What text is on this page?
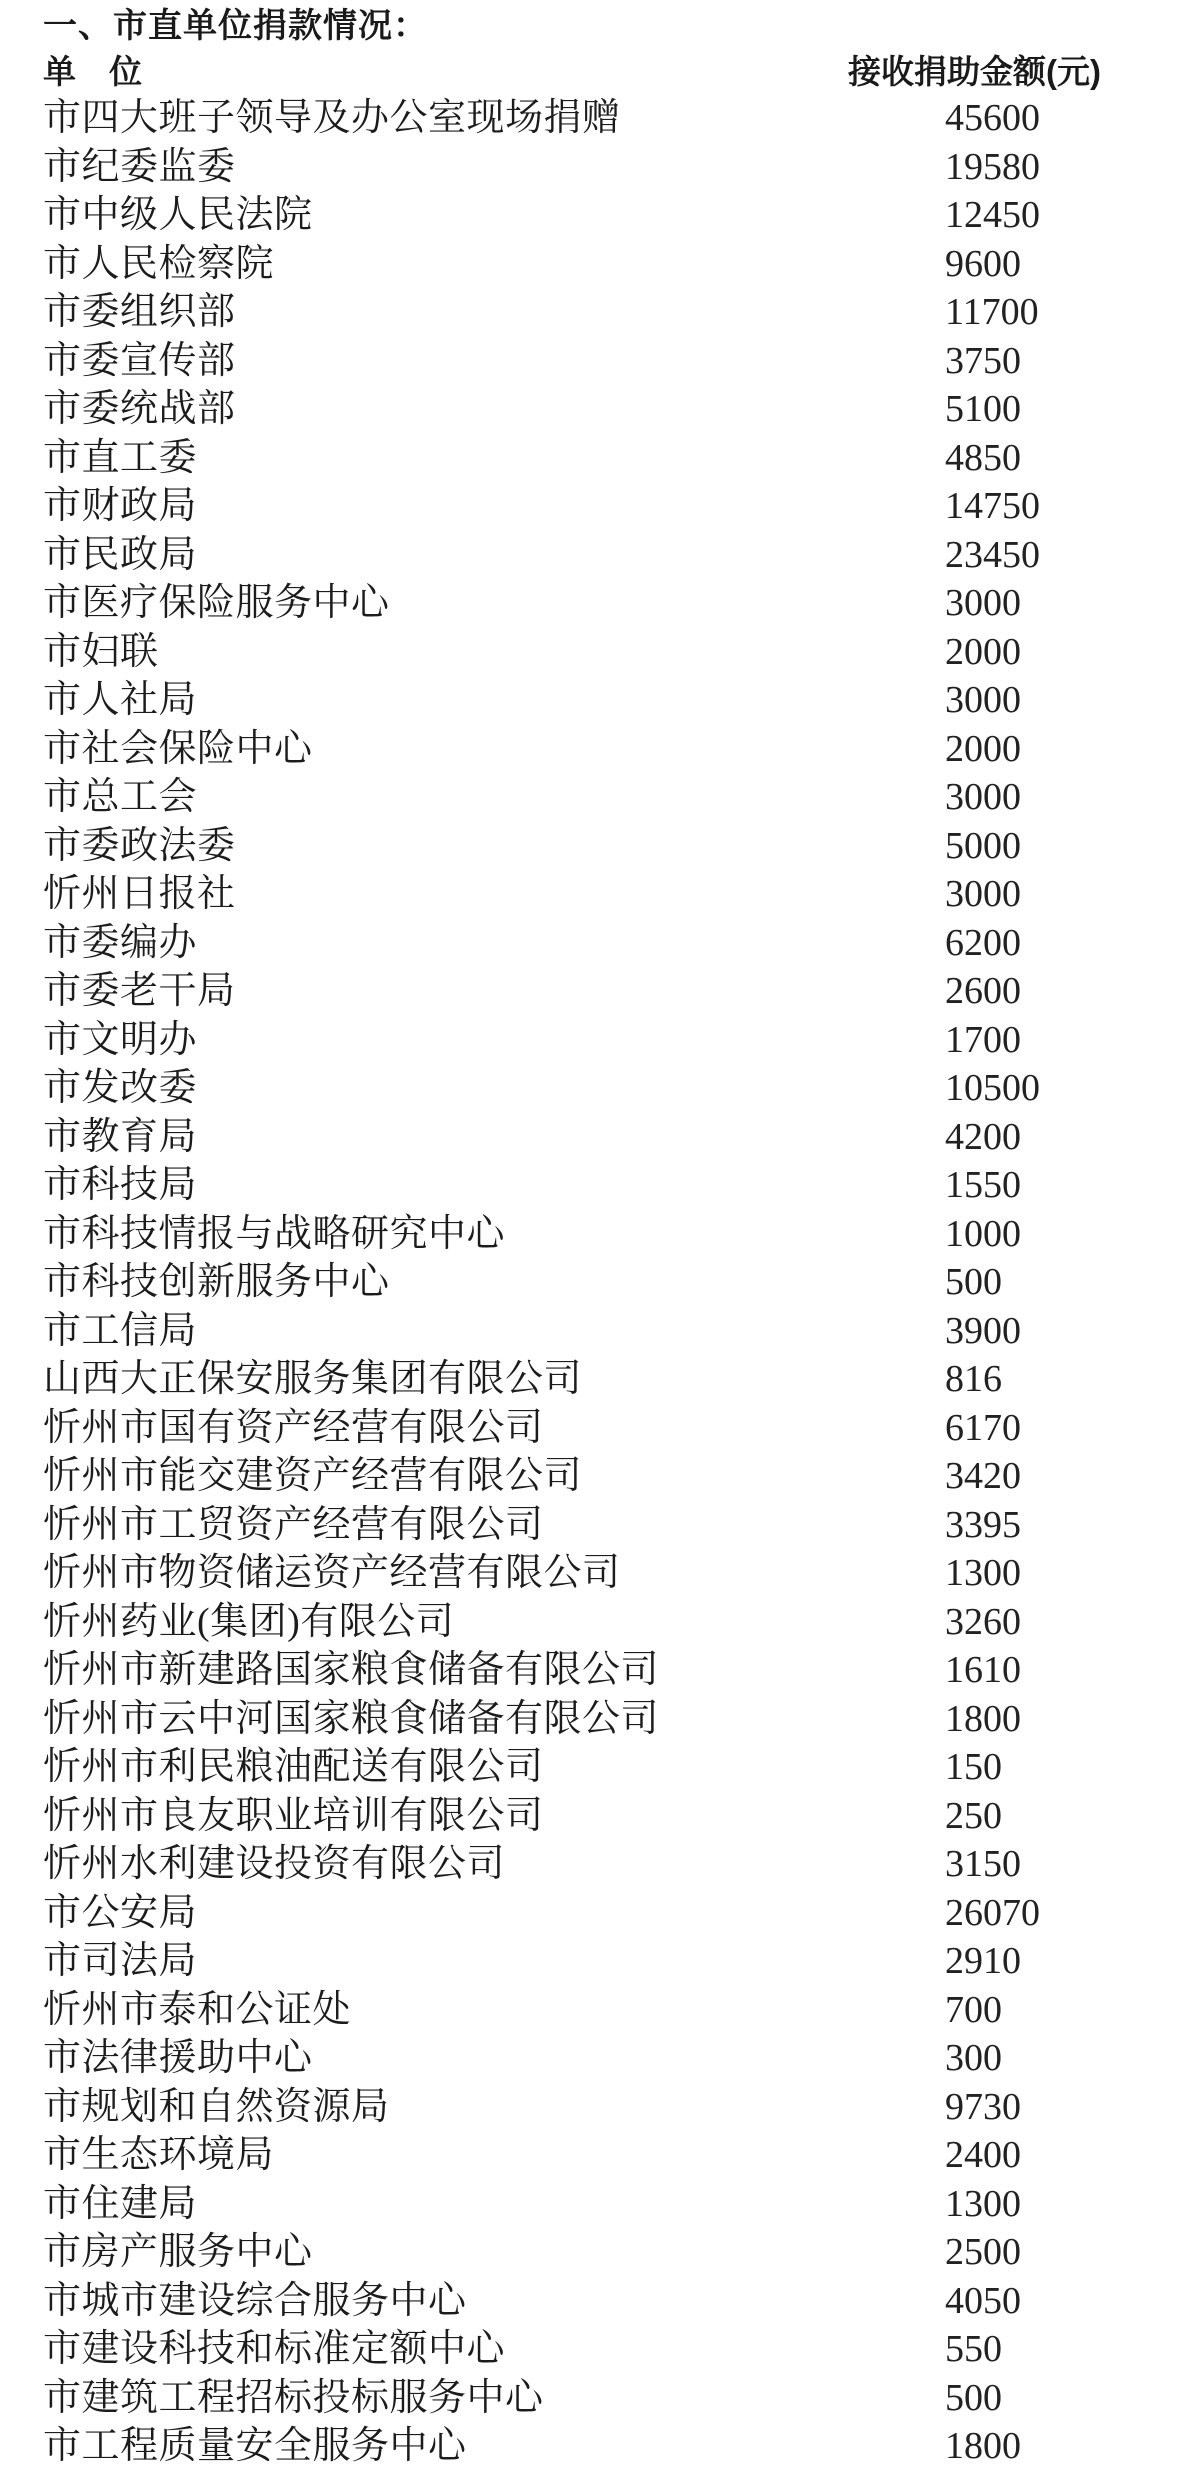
一、市直单位捐款情况：
单　位	接收捐助金额(元)
市四大班子领导及办公室现场捐赠	45600
市纪委监委	19580
市中级人民法院	12450
市人民检察院	9600
市委组织部	11700
市委宣传部	3750
市委统战部	5100
市直工委	4850
市财政局	14750
市民政局	23450
市医疗保险服务中心	3000
市妇联	2000
市人社局	3000
市社会保险中心	2000
市总工会	3000
市委政法委	5000
忻州日报社	3000
市委编办	6200
市委老干局	2600
市文明办	1700
市发改委	10500
市教育局	4200
市科技局	1550
市科技情报与战略研究中心	1000
市科技创新服务中心	500
市工信局	3900
山西大正保安服务集团有限公司	816
忻州市国有资产经营有限公司	6170
忻州市能交建资产经营有限公司	3420
忻州市工贸资产经营有限公司	3395
忻州市物资储运资产经营有限公司	1300
忻州药业(集团)有限公司	3260
忻州市新建路国家粮食储备有限公司	1610
忻州市云中河国家粮食储备有限公司	1800
忻州市利民粮油配送有限公司	150
忻州市良友职业培训有限公司	250
忻州水利建设投资有限公司	3150
市公安局	26070
市司法局	2910
忻州市泰和公证处	700
市法律援助中心	300
市规划和自然资源局	9730
市生态环境局	2400
市住建局	1300
市房产服务中心	2500
市城市建设综合服务中心	4050
市建设科技和标准定额中心	550
市建筑工程招标投标服务中心	500
市工程质量安全服务中心	1800
